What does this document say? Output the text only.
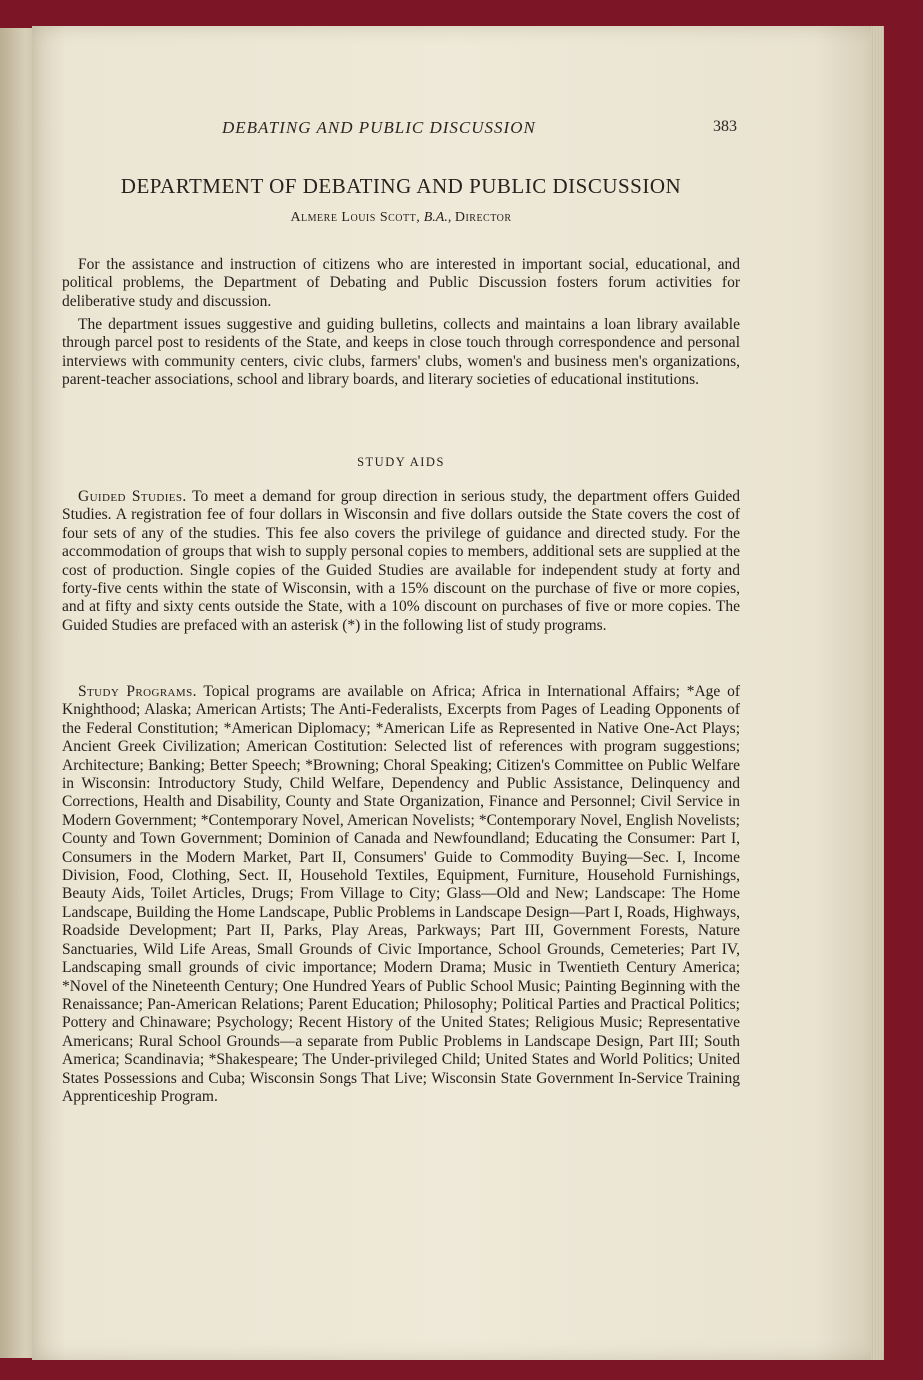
DEBATING AND PUBLIC DISCUSSION	383
DEPARTMENT OF DEBATING AND PUBLIC DISCUSSION
Almere Louis Scott, B.A., Director

For the assistance and instruction of citizens who are interested in important social, educational, and political problems, the Department of Debating and Public Discussion fosters forum activities for deliberative study and discussion.

The department issues suggestive and guiding bulletins, collects and maintains a loan library available through parcel post to residents of the State, and keeps in close touch through correspondence and personal interviews with community centers, civic clubs, farmers' clubs, women's and business men's organizations, parent-teacher associations, school and library boards, and literary societies of educational institutions.

STUDY AIDS

Guided Studies. To meet a demand for group direction in serious study, the department offers Guided Studies. A registration fee of four dollars in Wisconsin and five dollars outside the State covers the cost of four sets of any of the studies. This fee also covers the privilege of guidance and directed study. For the accommodation of groups that wish to supply personal copies to members, additional sets are supplied at the cost of production. Single copies of the Guided Studies are available for independent study at forty and forty-five cents within the state of Wisconsin, with a 15% discount on the purchase of five or more copies, and at fifty and sixty cents outside the State, with a 10% discount on purchases of five or more copies. The Guided Studies are prefaced with an asterisk (*) in the following list of study programs.

Study Programs. Topical programs are available on Africa; Africa in International Affairs; *Age of Knighthood; Alaska; American Artists; The Anti-Federalists, Excerpts from Pages of Leading Opponents of the Federal Constitution; *American Diplomacy; *American Life as Represented in Native One-Act Plays; Ancient Greek Civilization; American Costitution: Selected list of references with program suggestions; Architecture; Banking; Better Speech; *Browning; Choral Speaking; Citizen's Committee on Public Welfare in Wisconsin: Introductory Study, Child Welfare, Dependency and Public Assistance, Delinquency and Corrections, Health and Disability, County and State Organization, Finance and Personnel; Civil Service in Modern Government; *Contemporary Novel, American Novelists; *Contemporary Novel, English Novelists; County and Town Government; Dominion of Canada and Newfoundland; Educating the Consumer: Part I, Consumers in the Modern Market, Part II, Consumers' Guide to Commodity Buying—Sec. I, Income Division, Food, Clothing, Sect. II, Household Textiles, Equipment, Furniture, Household Furnishings, Beauty Aids, Toilet Articles, Drugs; From Village to City; Glass—Old and New; Landscape: The Home Landscape, Building the Home Landscape, Public Problems in Landscape Design—Part I, Roads, Highways, Roadside Development; Part II, Parks, Play Areas, Parkways; Part III, Government Forests, Nature Sanctuaries, Wild Life Areas, Small Grounds of Civic Importance, School Grounds, Cemeteries; Part IV, Landscaping small grounds of civic importance; Modern Drama; Music in Twentieth Century America; *Novel of the Nineteenth Century; One Hundred Years of Public School Music; Painting Beginning with the Renaissance; Pan-American Relations; Parent Education; Philosophy; Political Parties and Practical Politics; Pottery and Chinaware; Psychology; Recent History of the United States; Religious Music; Representative Americans; Rural School Grounds—a separate from Public Problems in Landscape Design, Part III; South America; Scandinavia; *Shakespeare; The Under-privileged Child; United States and World Politics; United States Possessions and Cuba; Wisconsin Songs That Live; Wisconsin State Government In-Service Training Apprenticeship Program.
